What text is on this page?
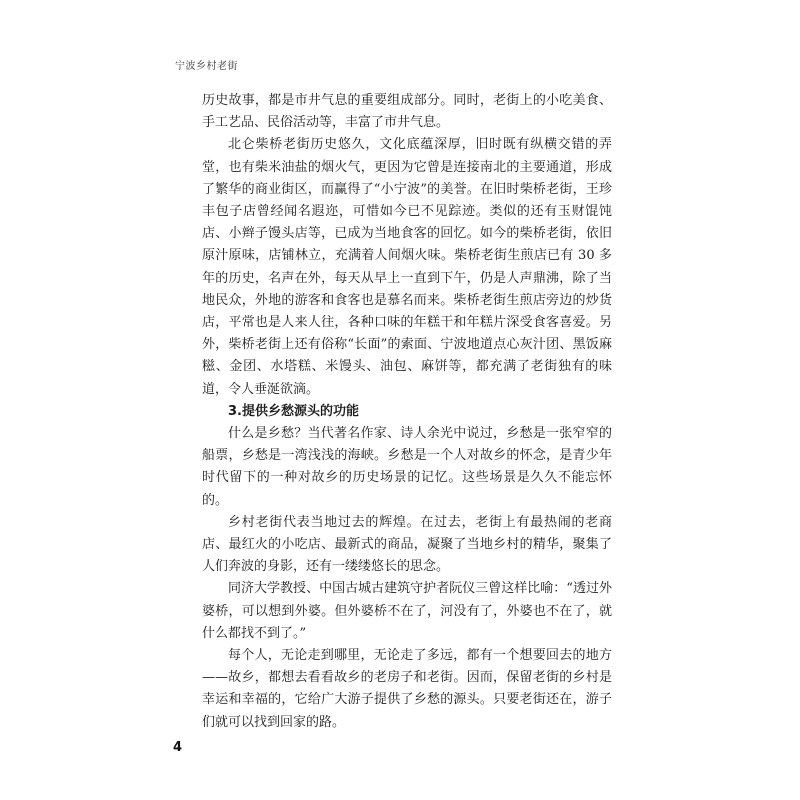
宁波乡村老街

历史故事，都是市井气息的重要组成部分。同时，老街上的小吃美食、手工艺品、民俗活动等，丰富了市井气息。

北仑柴桥老街历史悠久，文化底蕴深厚，旧时既有纵横交错的弄堂，也有柴米油盐的烟火气，更因为它曾是连接南北的主要通道，形成了繁华的商业街区，而赢得了“小宁波”的美誉。在旧时柴桥老街，王珍丰包子店曾经闻名遐迩，可惜如今已不见踪迹。类似的还有玉财馄饨店、小辫子馒头店等，已成为当地食客的回忆。如今的柴桥老街，依旧原汁原味，店铺林立，充满着人间烟火味。柴桥老街生煎店已有 30 多年的历史，名声在外，每天从早上一直到下午，仍是人声鼎沸，除了当地民众，外地的游客和食客也是慕名而来。柴桥老街生煎店旁边的炒货店，平常也是人来人往，各种口味的年糕干和年糕片深受食客喜爱。另外，柴桥老街上还有俗称“长面”的索面、宁波地道点心灰汁团、黑饭麻糍、金团、水塔糕、米馒头、油包、麻饼等，都充满了老街独有的味道，令人垂涎欲滴。

3.提供乡愁源头的功能

什么是乡愁？当代著名作家、诗人余光中说过，乡愁是一张窄窄的船票，乡愁是一湾浅浅的海峡。乡愁是一个人对故乡的怀念，是青少年时代留下的一种对故乡的历史场景的记忆。这些场景是久久不能忘怀的。

乡村老街代表当地过去的辉煌。在过去，老街上有最热闹的老商店、最红火的小吃店、最新式的商品，凝聚了当地乡村的精华，聚集了人们奔波的身影，还有一缕缕悠长的思念。

同济大学教授、中国古城古建筑守护者阮仪三曾这样比喻：“透过外婆桥，可以想到外婆。但外婆桥不在了，河没有了，外婆也不在了，就什么都找不到了。”

每个人，无论走到哪里，无论走了多远，都有一个想要回去的地方——故乡，都想去看看故乡的老房子和老街。因而，保留老街的乡村是幸运和幸福的，它给广大游子提供了乡愁的源头。只要老街还在，游子们就可以找到回家的路。

4
